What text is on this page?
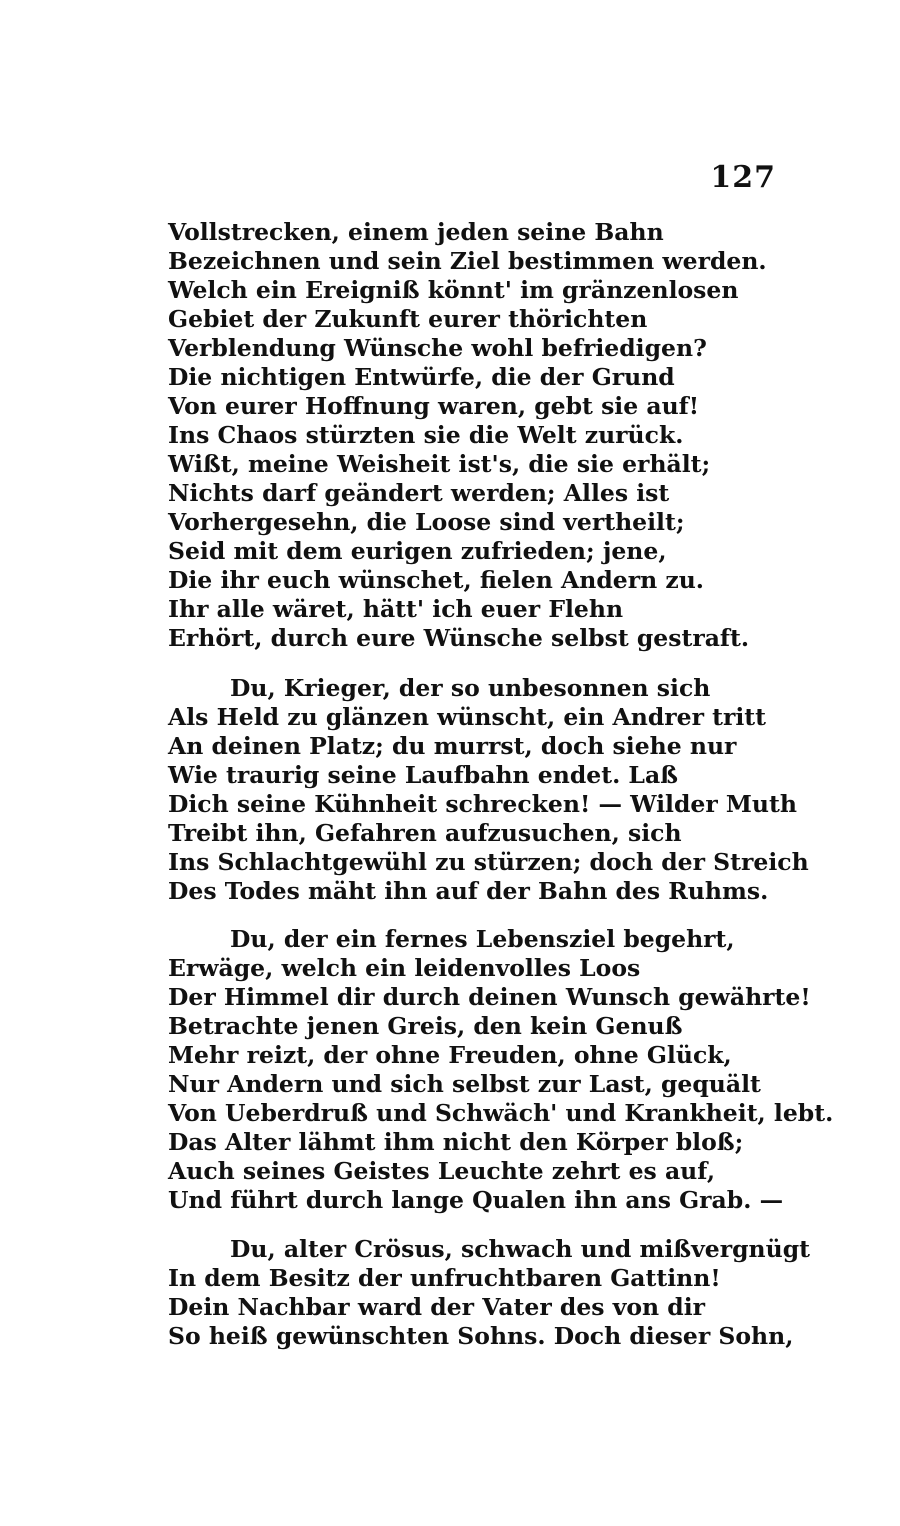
127
Vollstrecken, einem jeden seine Bahn
Bezeichnen und sein Ziel bestimmen werden.
Welch ein Ereigniß könnt' im gränzenlosen
Gebiet der Zukunft eurer thörichten
Verblendung Wünsche wohl befriedigen?
Die nichtigen Entwürfe, die der Grund
Von eurer Hoffnung waren, gebt sie auf!
Ins Chaos stürzten sie die Welt zurück.
Wißt, meine Weisheit ist's, die sie erhält;
Nichts darf geändert werden; Alles ist
Vorhergesehn, die Loose sind vertheilt;
Seid mit dem eurigen zufrieden; jene,
Die ihr euch wünschet, fielen Andern zu.
Ihr alle wäret, hätt' ich euer Flehn
Erhört, durch eure Wünsche selbst gestraft.
Du, Krieger, der so unbesonnen sich
Als Held zu glänzen wünscht, ein Andrer tritt
An deinen Platz; du murrst, doch siehe nur
Wie traurig seine Laufbahn endet. Laß
Dich seine Kühnheit schrecken! — Wilder Muth
Treibt ihn, Gefahren aufzusuchen, sich
Ins Schlachtgewühl zu stürzen; doch der Streich
Des Todes mäht ihn auf der Bahn des Ruhms.
Du, der ein fernes Lebensziel begehrt,
Erwäge, welch ein leidenvolles Loos
Der Himmel dir durch deinen Wunsch gewährte!
Betrachte jenen Greis, den kein Genuß
Mehr reizt, der ohne Freuden, ohne Glück,
Nur Andern und sich selbst zur Last, gequält
Von Ueberdruß und Schwäch' und Krankheit, lebt.
Das Alter lähmt ihm nicht den Körper bloß;
Auch seines Geistes Leuchte zehrt es auf,
Und führt durch lange Qualen ihn ans Grab. —
Du, alter Crösus, schwach und mißvergnügt
In dem Besitz der unfruchtbaren Gattinn!
Dein Nachbar ward der Vater des von dir
So heiß gewünschten Sohns. Doch dieser Sohn,
